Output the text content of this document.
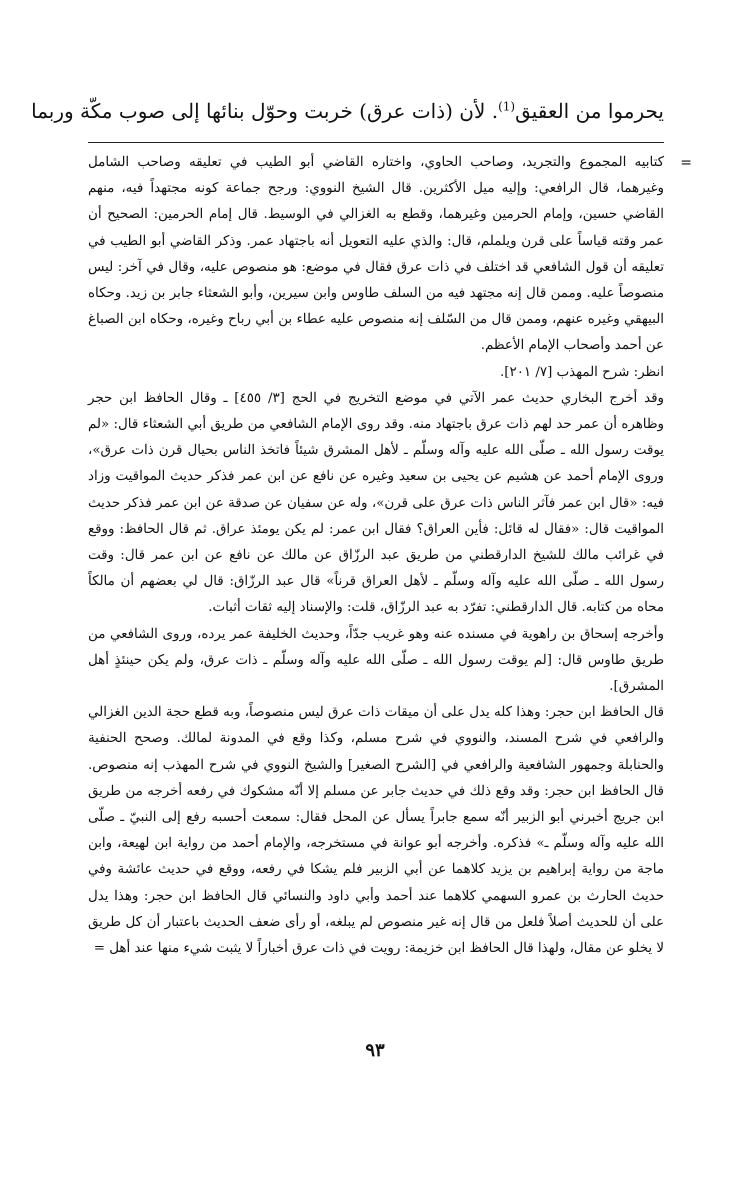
يحرموا من العقيق$^{(1)}$. لأن (ذات عرق) خربت وحوّل بنائها إلى صوب مكّة وربما
=
كتابيه المجموع والتجريد، وصاحب الحاوي، واختاره القاضي أبو الطيب في تعليقه وصاحب الشامل وغيرهما، قال الرافعي: وإليه ميل الأكثرين. قال الشيخ النووي: ورجح جماعة كونه مجتهداً فيه، منهم القاضي حسين، وإمام الحرمين وغيرهما، وقطع به الغزالي في الوسيط. قال إمام الحرمين: الصحيح أن عمر وقته قياساً على قرن ويلملم، قال: والذي عليه التعويل أنه باجتهاد عمر. وذكر القاضي أبو الطيب في تعليقه أن قول الشافعي قد اختلف في ذات عرق فقال في موضع: هو منصوص عليه، وقال في آخر: ليس منصوصاً عليه. وممن قال إنه مجتهد فيه من السلف طاوس وابن سيرين، وأبو الشعثاء جابر بن زيد. وحكاه البيهقي وغيره عنهم، وممن قال من السّلف إنه منصوص عليه عطاء بن أبي رباح وغيره، وحكاه ابن الصباغ عن أحمد وأصحاب الإمام الأعظم.
انظر: شرح المهذب [٧/ ٢٠١].
وقد أخرج البخاري حديث عمر الآتي في موضع التخريج في الحج [٣/ ٤٥٥] ـ وقال الحافظ ابن حجر وظاهره أن عمر حد لهم ذات عرق باجتهاد منه. وقد روى الإمام الشافعي من طريق أبي الشعثاء قال: «لم يوقت رسول الله ـ صلّى الله عليه وآله وسلّم ـ لأهل المشرق شيئاً فاتخذ الناس بحيال قرن ذات عرق»، وروى الإمام أحمد عن هشيم عن يحيى بن سعيد وغيره عن نافع عن ابن عمر فذكر حديث المواقيت وزاد فيه: «قال ابن عمر فآثر الناس ذات عرق على قرن»، وله عن سفيان عن صدقة عن ابن عمر فذكر حديث المواقيت قال: «فقال له قائل: فأين العراق؟ فقال ابن عمر: لم يكن يومئذ عراق. ثم قال الحافظ: ووقع في غرائب مالك للشيخ الدارقطني من طريق عبد الرزّاق عن مالك عن نافع عن ابن عمر قال: وقت رسول الله ـ صلّى الله عليه وآله وسلّم ـ لأهل العراق قرناً» قال عبد الرزّاق: قال لي بعضهم أن مالكاً محاه من كتابه. قال الدارقطني: تفرّد به عبد الرزّاق، قلت: والإسناد إليه ثقات أثبات.
وأخرجه إسحاق بن راهوية في مسنده عنه وهو غريب جدّاً، وحديث الخليفة عمر يرده، وروى الشافعي من طريق طاوس قال: [لم يوقت رسول الله ـ صلّى الله عليه وآله وسلّم ـ ذات عرق، ولم يكن حينئذٍ أهل المشرق].
قال الحافظ ابن حجر: وهذا كله يدل على أن ميقات ذات عرق ليس منصوصاً، وبه قطع حجة الدين الغزالي والرافعي في شرح المسند، والنووي في شرح مسلم، وكذا وقع في المدونة لمالك. وصحح الحنفية والحنابلة وجمهور الشافعية والرافعي في [الشرح الصغير] والشيخ النووي في شرح المهذب إنه منصوص. قال الحافظ ابن حجر: وقد وقع ذلك في حديث جابر عن مسلم إلا أنّه مشكوك في رفعه أخرجه من طريق ابن جريج أخبرني أبو الزبير أنّه سمع جابراً يسأل عن المحل فقال: سمعت أحسبه رفع إلى النبيّ ـ صلّى الله عليه وآله وسلّم ـ» فذكره. وأخرجه أبو عوانة في مستخرجه، والإمام أحمد من رواية ابن لهيعة، وابن ماجة من رواية إبراهيم بن يزيد كلاهما عن أبي الزبير فلم يشكا في رفعه، ووقع في حديث عائشة وفي حديث الحارث بن عمرو السهمي كلاهما عند أحمد وأبي داود والنسائي قال الحافظ ابن حجر: وهذا يدل على أن للحديث أصلاً فلعل من قال إنه غير منصوص لم يبلغه، أو رأى ضعف الحديث باعتبار أن كل طريق لا يخلو عن مقال، ولهذا قال الحافظ ابن خزيمة: رويت في ذات عرق أخباراً لا يثبت شيء منها عند أهل =
٩٣
